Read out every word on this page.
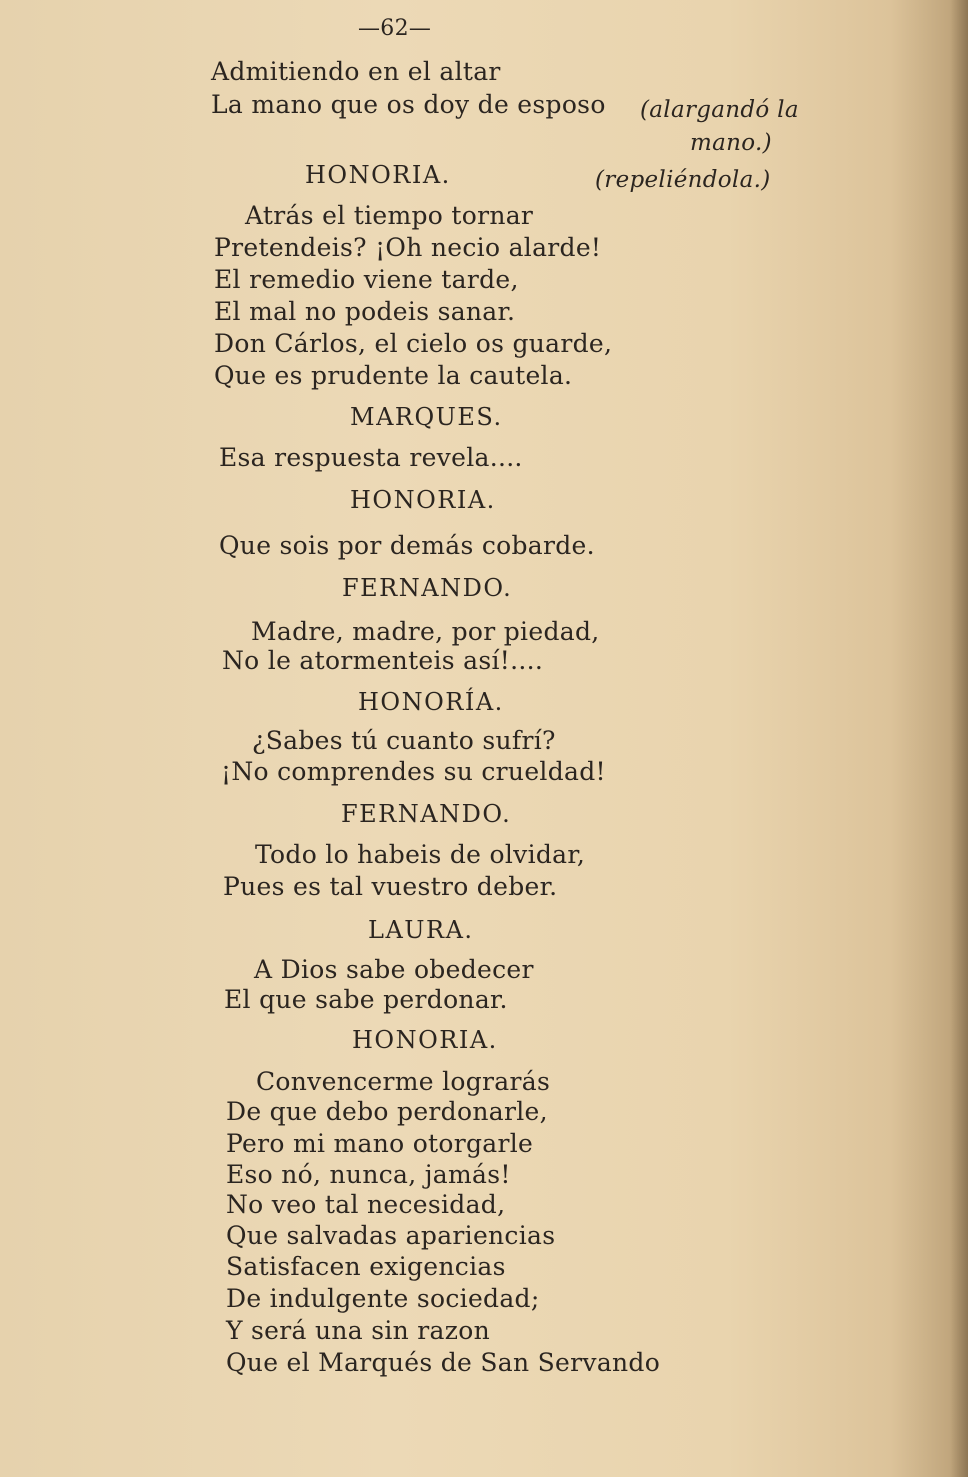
—62—
Admitiendo en el altar
La mano que os doy de esposo (alargandó la
mano.)
HONORIA.	(repeliéndola.)
Atrás el tiempo tornar
Pretendeis? ¡Oh necio alarde!
El remedio viene tarde,
El mal no podeis sanar.
Don Cárlos, el cielo os guarde,
Que es prudente la cautela.
MARQUES.
Esa respuesta revela....
HONORIA.
Que sois por demás cobarde.
FERNANDO.
Madre, madre, por piedad,
No le atormenteis así!....
HONORÍA.
¿Sabes tú cuanto sufrí?
¡No comprendes su crueldad!
FERNANDO.
Todo lo habeis de olvidar,
Pues es tal vuestro deber.
LAURA.
A Dios sabe obedecer
El que sabe perdonar.
HONORIA.
Convencerme lograrás
De que debo perdonarle,
Pero mi mano otorgarle
Eso nó, nunca, jamás!
No veo tal necesidad,
Que salvadas apariencias
Satisfacen exigencias
De indulgente sociedad;
Y será una sin razon
Que el Marqués de San Servando
